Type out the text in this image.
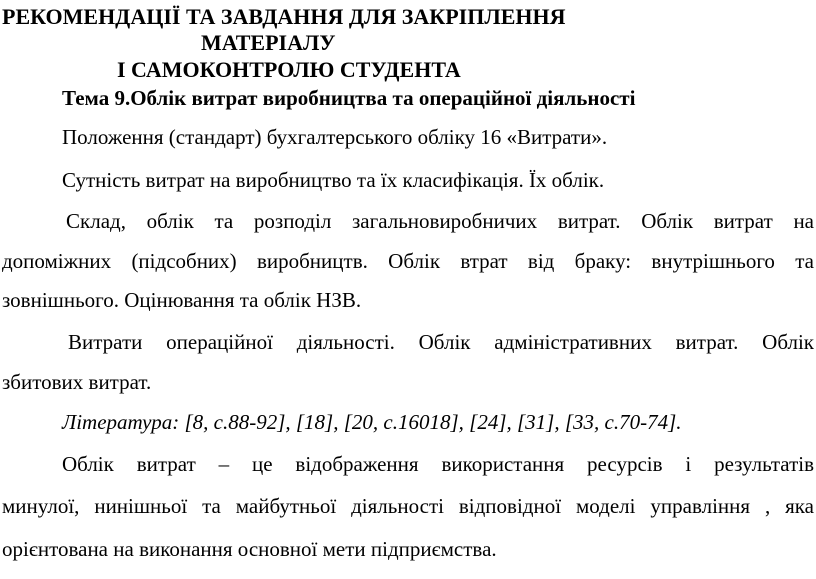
РЕКОМЕНДАЦІЇ ТА ЗАВДАННЯ ДЛЯ ЗАКРІПЛЕННЯ
МАТЕРІАЛУ
І САМОКОНТРОЛЮ СТУДЕНТА
Тема 9.Облік витрат виробництва та операційної діяльності
Положення (стандарт) бухгалтерського обліку 16 «Витрати».
Сутність витрат на виробництво та їх класифікація. Їх облік.
Склад, облік та розподіл загальновиробничих витрат. Облік витрат на
допоміжних (підсобних) виробництв. Облік втрат від браку: внутрішнього та
зовнішнього. Оцінювання та облік НЗВ.
Витрати операційної діяльності. Облік адміністративних витрат. Облік
збитових витрат.
Література: [8, с.88-92], [18], [20, с.16018], [24], [31], [33, с.70-74].
Облік витрат – це відображення використання ресурсів і результатів
минулої, нинішньої та майбутньої діяльності відповідної моделі управління , яка
орієнтована на виконання основної мети підприємства.
